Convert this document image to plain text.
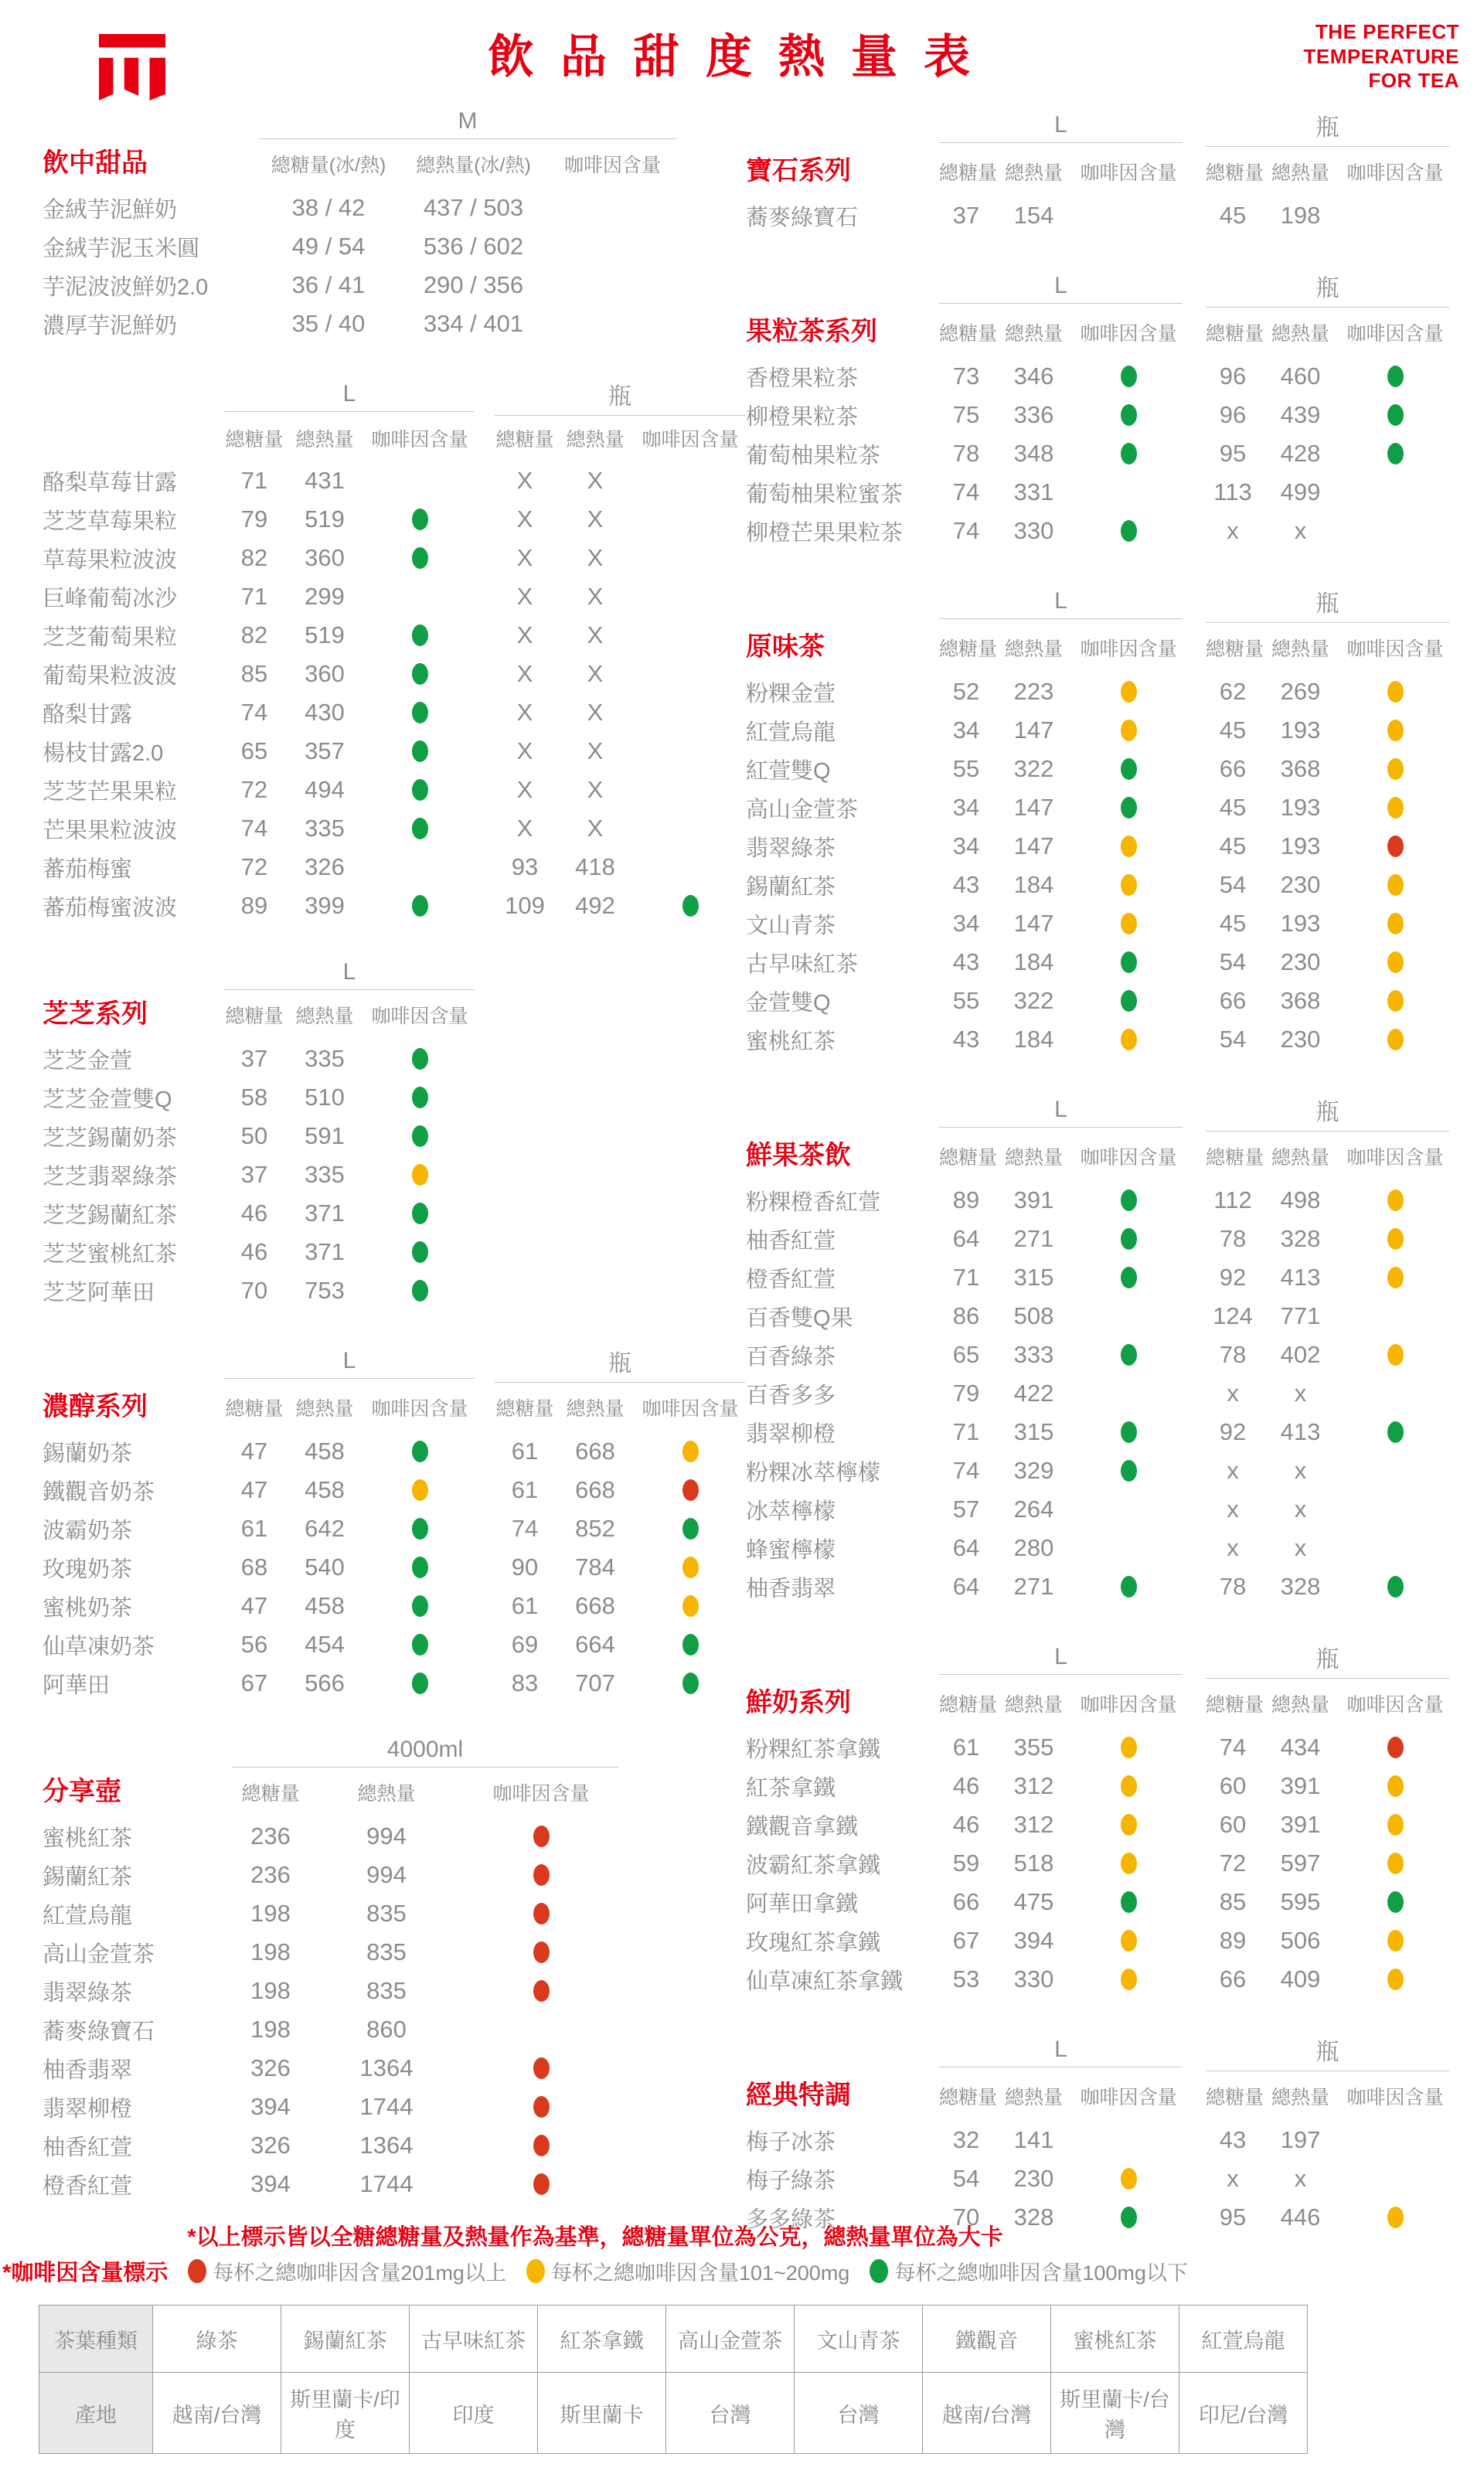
飲品甜度熱量表	THE PERFECT
TEMPERATURE
FOR TEA
M
飲中甜品	總糖量(冰/熱)	總熱量(冰/熱)	咖啡因含量
金絨芋泥鮮奶	38 / 42	437 / 503
金絨芋泥玉米圓	49 / 54	536 / 602
芋泥波波鮮奶2.0	36 / 41	290 / 356
濃厚芋泥鮮奶	35 / 40	334 / 401
L	瓶
總糖量 總熱量 咖啡因含量	總糖量 總熱量 咖啡因含量
酪梨草莓甘露	71	431	X	X
芝芝草莓果粒	79	519	X	X
草莓果粒波波	82	360	X	X
巨峰葡萄冰沙	71	299	X	X
芝芝葡萄果粒	82	519	X	X
葡萄果粒波波	85	360	X	X
酪梨甘露	74	430	X	X
楊枝甘露2.0	65	357	X	X
芝芝芒果果粒	72	494	X	X
芒果果粒波波	74	335	X	X
蕃茄梅蜜	72	326	93	418
蕃茄梅蜜波波	89	399	109	492
L
芝芝系列	總糖量 總熱量 咖啡因含量
芝芝金萱	37	335
芝芝金萱雙Q	58	510
芝芝錫蘭奶茶	50	591
芝芝翡翠綠茶	37	335
芝芝錫蘭紅茶	46	371
芝芝蜜桃紅茶	46	371
芝芝阿華田	70	753
L	瓶
濃醇系列	總糖量 總熱量 咖啡因含量	總糖量 總熱量 咖啡因含量
錫蘭奶茶	47	458	61	668
鐵觀音奶茶	47	458	61	668
波霸奶茶	61	642	74	852
玫瑰奶茶	68	540	90	784
蜜桃奶茶	47	458	61	668
仙草凍奶茶	56	454	69	664
阿華田	67	566	83	707
4000ml
分享壺	總糖量	總熱量	咖啡因含量
蜜桃紅茶	236	994
錫蘭紅茶	236	994
紅萱烏龍	198	835
高山金萱茶	198	835
翡翠綠茶	198	835
蕎麥綠寶石	198	860
柚香翡翠	326	1364
翡翠柳橙	394	1744
柚香紅萱	326	1364
橙香紅萱	394	1744
L	瓶
寶石系列	總糖量 總熱量 咖啡因含量	總糖量 總熱量 咖啡因含量
蕎麥綠寶石	37	154	45	198
L	瓶
果粒茶系列	總糖量 總熱量 咖啡因含量	總糖量 總熱量 咖啡因含量
香橙果粒茶	73	346	96	460
柳橙果粒茶	75	336	96	439
葡萄柚果粒茶	78	348	95	428
葡萄柚果粒蜜茶	74	331	113	499
柳橙芒果果粒茶	74	330	x	x
L	瓶
原味茶	總糖量 總熱量 咖啡因含量	總糖量 總熱量 咖啡因含量
粉粿金萱	52	223	62	269
紅萱烏龍	34	147	45	193
紅萱雙Q	55	322	66	368
高山金萱茶	34	147	45	193
翡翠綠茶	34	147	45	193
錫蘭紅茶	43	184	54	230
文山青茶	34	147	45	193
古早味紅茶	43	184	54	230
金萱雙Q	55	322	66	368
蜜桃紅茶	43	184	54	230
L	瓶
鮮果茶飲	總糖量 總熱量 咖啡因含量	總糖量 總熱量 咖啡因含量
粉粿橙香紅萱	89	391	112	498
柚香紅萱	64	271	78	328
橙香紅萱	71	315	92	413
百香雙Q果	86	508	124	771
百香綠茶	65	333	78	402
百香多多	79	422	x	x
翡翠柳橙	71	315	92	413
粉粿冰萃檸檬	74	329	x	x
冰萃檸檬	57	264	x	x
蜂蜜檸檬	64	280	x	x
柚香翡翠	64	271	78	328
L	瓶
鮮奶系列	總糖量 總熱量 咖啡因含量	總糖量 總熱量 咖啡因含量
粉粿紅茶拿鐵	61	355	74	434
紅茶拿鐵	46	312	60	391
鐵觀音拿鐵	46	312	60	391
波霸紅茶拿鐵	59	518	72	597
阿華田拿鐵	66	475	85	595
玫瑰紅茶拿鐵	67	394	89	506
仙草凍紅茶拿鐵	53	330	66	409
L	瓶
經典特調	總糖量 總熱量 咖啡因含量	總糖量 總熱量 咖啡因含量
梅子冰茶	32	141	43	197
梅子綠茶	54	230	x	x
多多綠茶	70	328	95	446
*以上標示皆以全糖總糖量及熱量作為基準，總糖量單位為公克，總熱量單位為大卡
*咖啡因含量標示 每杯之總咖啡因含量201mg以上 每杯之總咖啡因含量101~200mg 每杯之總咖啡因含量100mg以下
茶葉種類	綠茶	錫蘭紅茶	古早味紅茶	紅茶拿鐵	高山金萱茶	文山青茶	鐵觀音	蜜桃紅茶	紅萱烏龍
產地	越南/台灣	斯里蘭卡/印度	印度	斯里蘭卡	台灣	台灣	越南/台灣	斯里蘭卡/台灣	印尼/台灣
